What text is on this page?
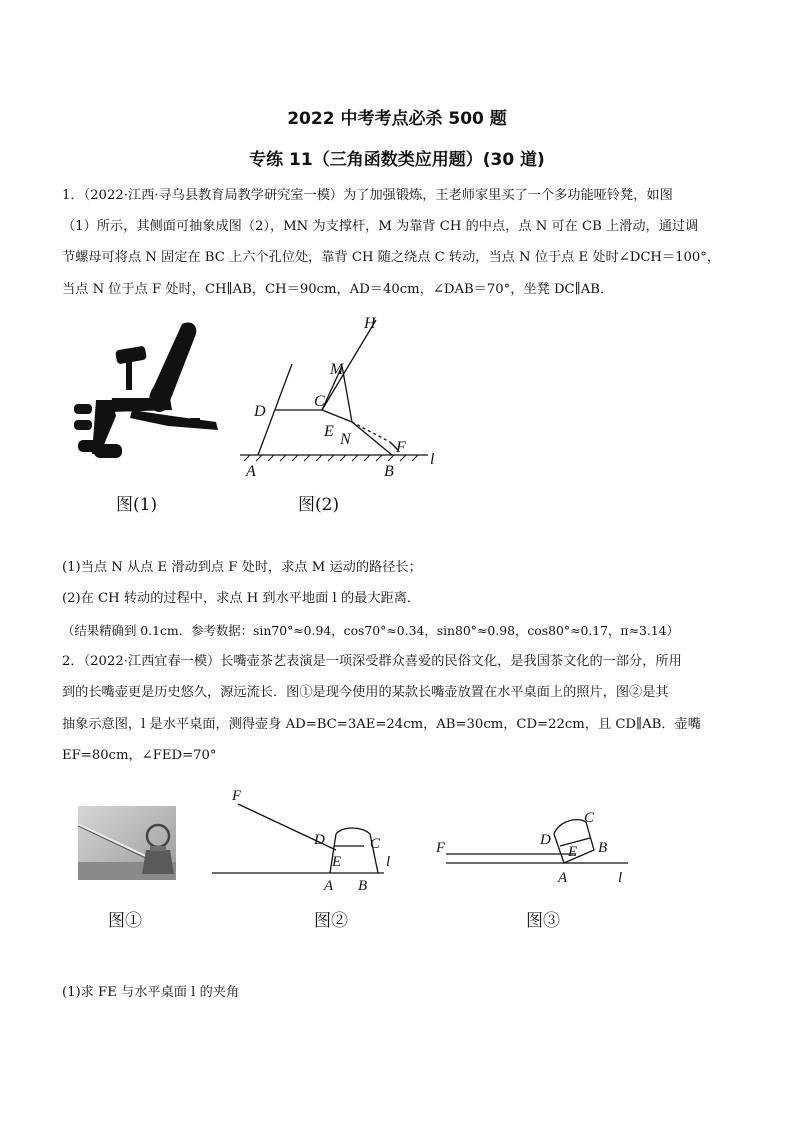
2022 中考考点必杀 500 题
专练 11（三角函数类应用题）(30 道)
1．（2022·江西·寻乌县教育局教学研究室一模）为了加强锻炼，王老师家里买了一个多功能哑铃凳，如图
（1）所示，其侧面可抽象成图（2），MN 为支撑杆，M 为靠背 CH 的中点，点 N 可在 CB 上滑动，通过调
节螺母可将点 N 固定在 BC 上六个孔位处，靠背 CH 随之绕点 C 转动，当点 N 位于点 E 处时∠DCH＝100°，
当点 N 位于点 F 处时，CH∥AB，CH＝90cm，AD＝40cm，∠DAB＝70°，坐凳 DC∥AB．
图(1)
H
M
D
C
E N	F
A	B
l
图(2)
(1)当点 N 从点 E 滑动到点 F 处时，求点 M 运动的路径长；
(2)在 CH 转动的过程中，求点 H 到水平地面 l 的最大距离．
（结果精确到 0.1cm．参考数据：sin70°≈0.94，cos70°≈0.34，sin80°≈0.98，cos80°≈0.17，π≈3.14）
2．（2022·江西宜春一模）长嘴壶茶艺表演是一项深受群众喜爱的民俗文化，是我国茶文化的一部分，所用
到的长嘴壶更是历史悠久，源远流长．图①是现今使用的某款长嘴壶放置在水平桌面上的照片，图②是其
抽象示意图，l 是水平桌面，测得壶身 AD=BC=3AE=24cm，AB=30cm，CD=22cm，且 CD∥AB．壶嘴
EF=80cm，∠FED=70°
图①
F
D	C
E
A B
l
图②
F
C
D
E B
A	l
图③
(1)求 FE 与水平桌面 l 的夹角
